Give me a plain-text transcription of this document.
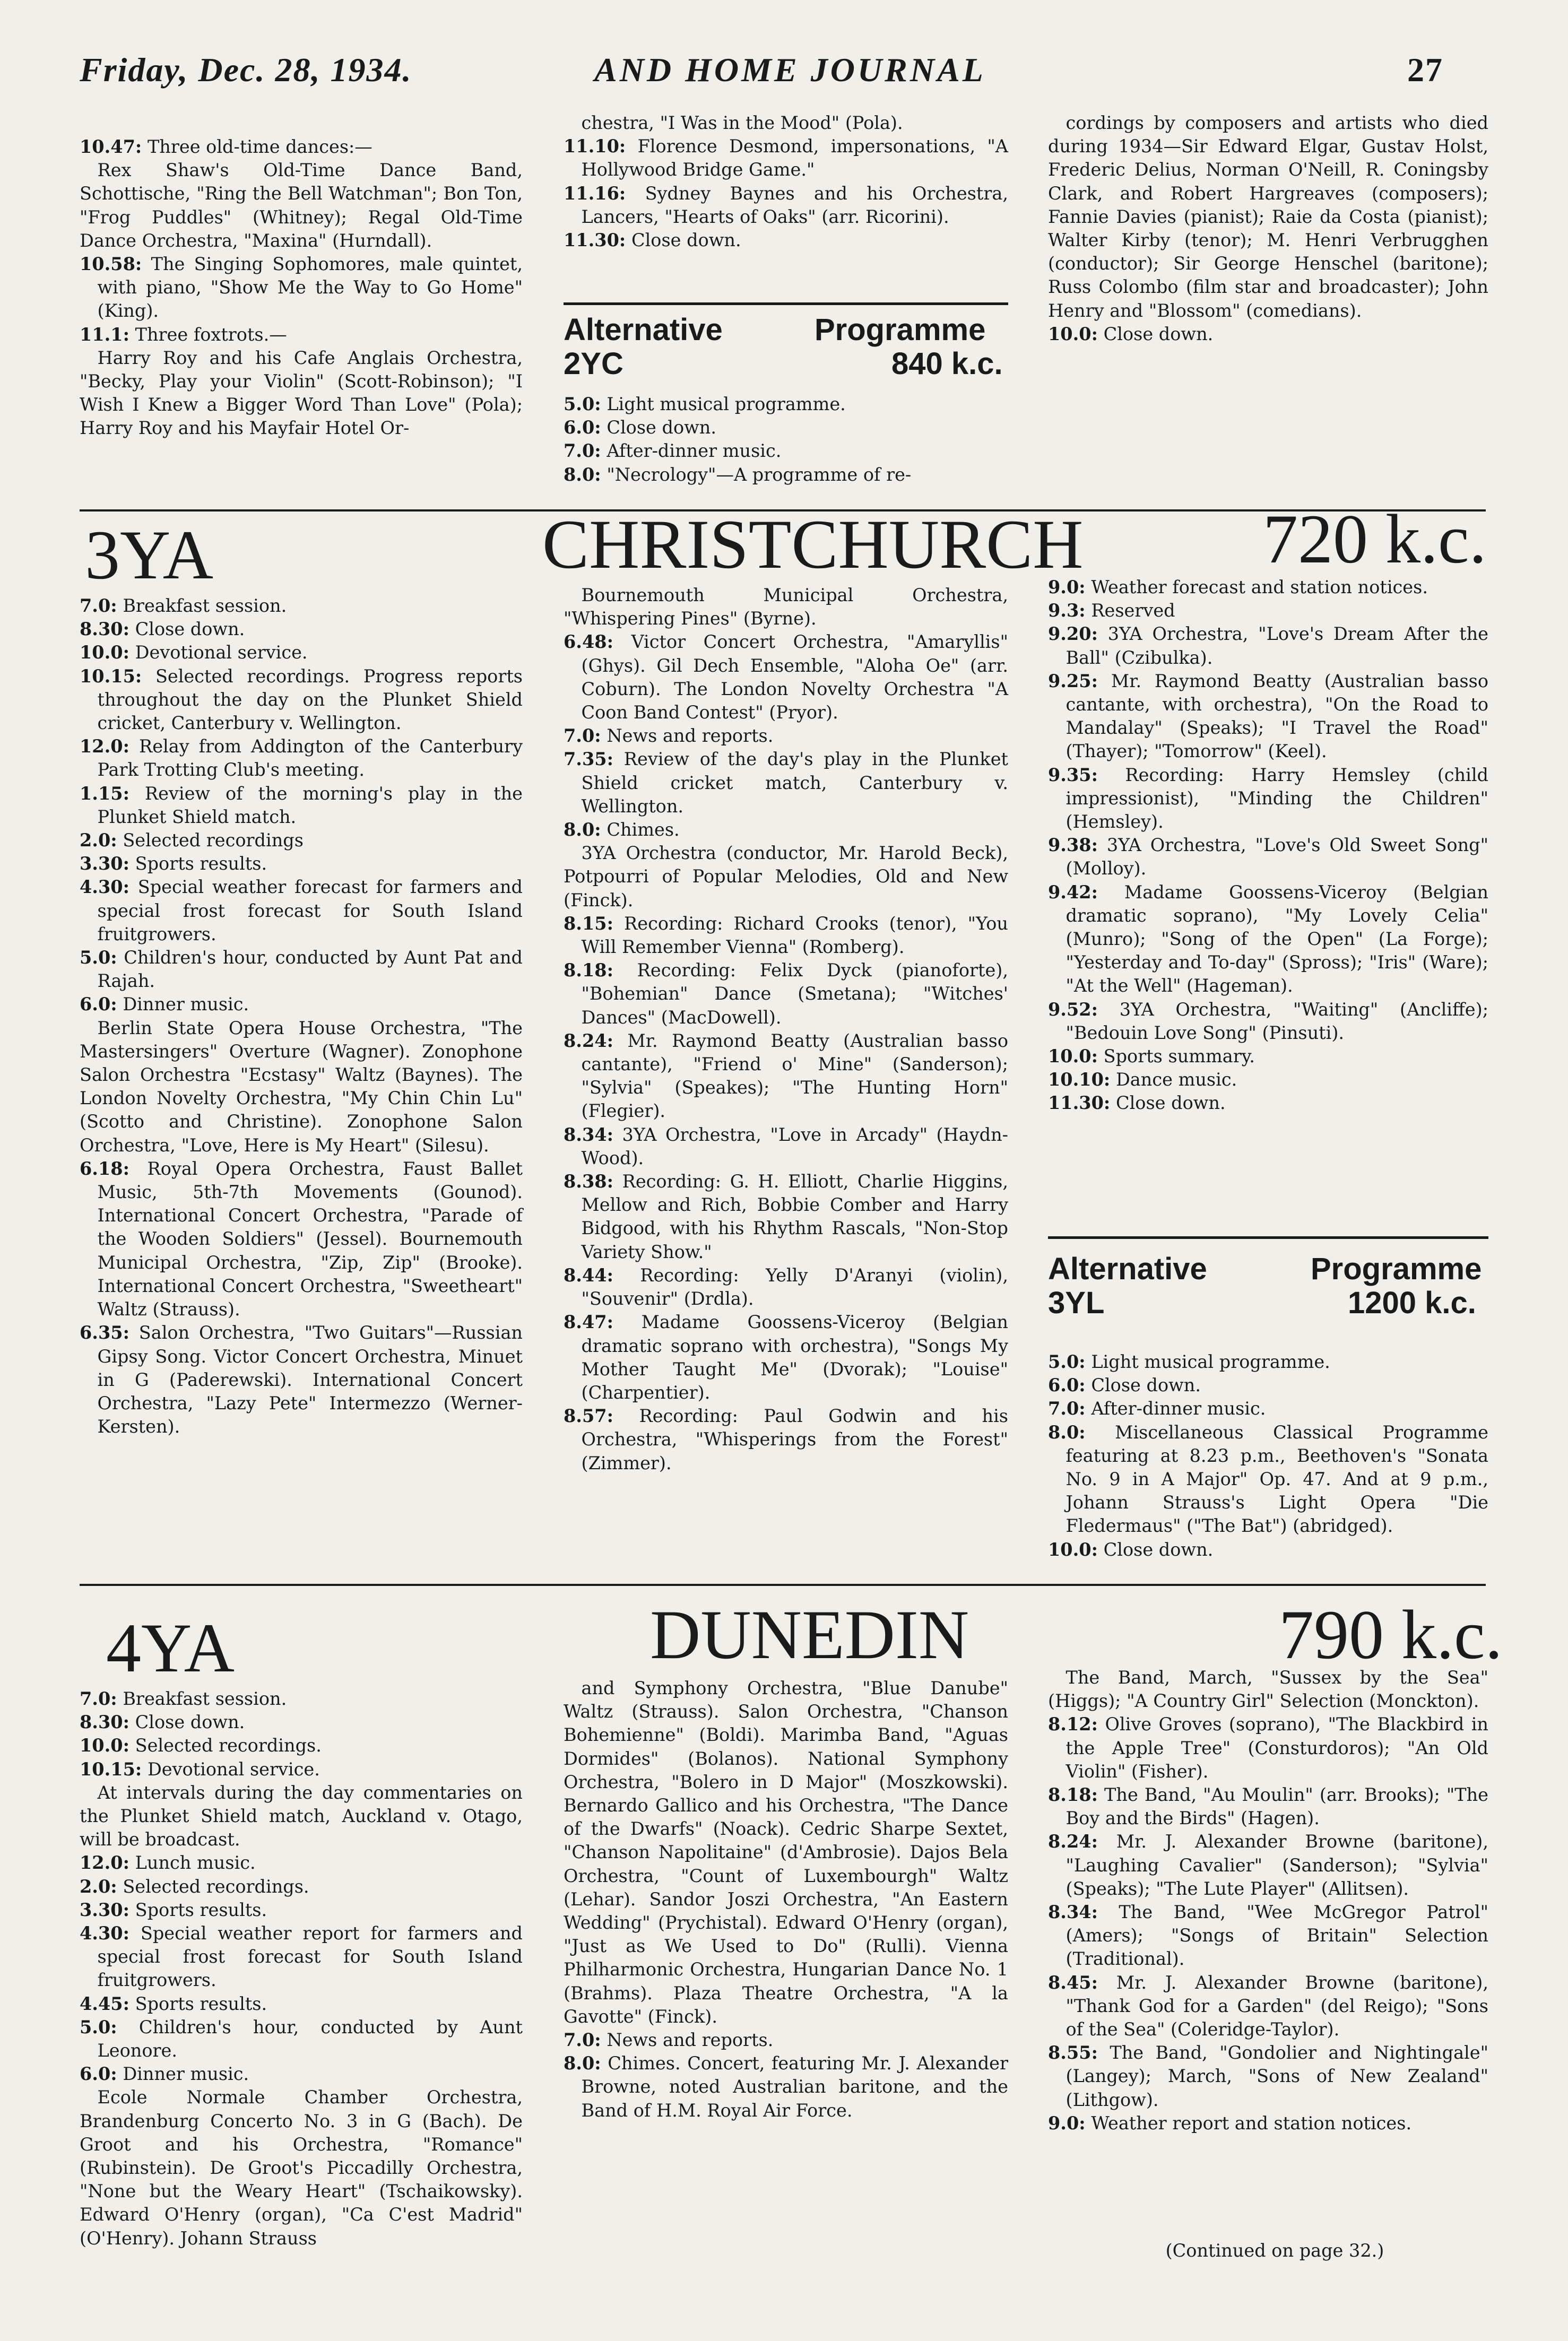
Friday, Dec. 28, 1934.	AND HOME JOURNAL	27

10.47: Three old-time dances:—

Rex Shaw's Old-Time Dance Band, Schottische, "Ring the Bell Watchman"; Bon Ton, "Frog Puddles" (Whitney); Regal Old-Time Dance Orchestra, "Maxina" (Hurndall).

10.58: The Singing Sophomores, male quintet, with piano, "Show Me the Way to Go Home" (King).

11.1: Three foxtrots.—

Harry Roy and his Cafe Anglais Orchestra, "Becky, Play your Violin" (Scott-Robinson); "I Wish I Knew a Bigger Word Than Love" (Pola); Harry Roy and his Mayfair Hotel Or-

chestra, "I Was in the Mood" (Pola).

11.10: Florence Desmond, impersonations, "A Hollywood Bridge Game."

11.16: Sydney Baynes and his Orchestra, Lancers, "Hearts of Oaks" (arr. Ricorini).

11.30: Close down.

Alternative	Programme
2YC	840 k.c.

5.0: Light musical programme.

6.0: Close down.

7.0: After-dinner music.

8.0: "Necrology"—A programme of re-

cordings by composers and artists who died during 1934—Sir Edward Elgar, Gustav Holst, Frederic Delius, Norman O'Neill, R. Coningsby Clark, and Robert Hargreaves (composers); Fannie Davies (pianist); Raie da Costa (pianist); Walter Kirby (tenor); M. Henri Verbrugghen (conductor); Sir George Henschel (baritone); Russ Colombo (film star and broadcaster); John Henry and "Blossom" (comedians).

10.0: Close down.

3YA	CHRISTCHURCH	720 k.c.

7.0: Breakfast session.

8.30: Close down.

10.0: Devotional service.

10.15: Selected recordings. Progress reports throughout the day on the Plunket Shield cricket, Canterbury v. Wellington.

12.0: Relay from Addington of the Canterbury Park Trotting Club's meeting.

1.15: Review of the morning's play in the Plunket Shield match.

2.0: Selected recordings

3.30: Sports results.

4.30: Special weather forecast for farmers and special frost forecast for South Island fruitgrowers.

5.0: Children's hour, conducted by Aunt Pat and Rajah.

6.0: Dinner music.

Berlin State Opera House Orchestra, "The Mastersingers" Overture (Wagner). Zonophone Salon Orchestra "Ecstasy" Waltz (Baynes). The London Novelty Orchestra, "My Chin Chin Lu" (Scotto and Christine). Zonophone Salon Orchestra, "Love, Here is My Heart" (Silesu).

6.18: Royal Opera Orchestra, Faust Ballet Music, 5th-7th Movements (Gounod). International Concert Orchestra, "Parade of the Wooden Soldiers" (Jessel). Bournemouth Municipal Orchestra, "Zip, Zip" (Brooke). International Concert Orchestra, "Sweetheart" Waltz (Strauss).

6.35: Salon Orchestra, "Two Guitars"—Russian Gipsy Song. Victor Concert Orchestra, Minuet in G (Paderewski). International Concert Orchestra, "Lazy Pete" Intermezzo (Werner-Kersten).

Bournemouth Municipal Orchestra, "Whispering Pines" (Byrne).

6.48: Victor Concert Orchestra, "Amaryllis" (Ghys). Gil Dech Ensemble, "Aloha Oe" (arr. Coburn). The London Novelty Orchestra "A Coon Band Contest" (Pryor).

7.0: News and reports.

7.35: Review of the day's play in the Plunket Shield cricket match, Canterbury v. Wellington.

8.0: Chimes.

3YA Orchestra (conductor, Mr. Harold Beck), Potpourri of Popular Melodies, Old and New (Finck).

8.15: Recording: Richard Crooks (tenor), "You Will Remember Vienna" (Romberg).

8.18: Recording: Felix Dyck (pianoforte), "Bohemian" Dance (Smetana); "Witches' Dances" (MacDowell).

8.24: Mr. Raymond Beatty (Australian basso cantante), "Friend o' Mine" (Sanderson); "Sylvia" (Speakes); "The Hunting Horn" (Flegier).

8.34: 3YA Orchestra, "Love in Arcady" (Haydn-Wood).

8.38: Recording: G. H. Elliott, Charlie Higgins, Mellow and Rich, Bobbie Comber and Harry Bidgood, with his Rhythm Rascals, "Non-Stop Variety Show."

8.44: Recording: Yelly D'Aranyi (violin), "Souvenir" (Drdla).

8.47: Madame Goossens-Viceroy (Belgian dramatic soprano with orchestra), "Songs My Mother Taught Me" (Dvorak); "Louise" (Charpentier).

8.57: Recording: Paul Godwin and his Orchestra, "Whisperings from the Forest" (Zimmer).

9.0: Weather forecast and station notices.

9.3: Reserved

9.20: 3YA Orchestra, "Love's Dream After the Ball" (Czibulka).

9.25: Mr. Raymond Beatty (Australian basso cantante, with orchestra), "On the Road to Mandalay" (Speaks); "I Travel the Road" (Thayer); "Tomorrow" (Keel).

9.35: Recording: Harry Hemsley (child impressionist), "Minding the Children" (Hemsley).

9.38: 3YA Orchestra, "Love's Old Sweet Song" (Molloy).

9.42: Madame Goossens-Viceroy (Belgian dramatic soprano), "My Lovely Celia" (Munro); "Song of the Open" (La Forge); "Yesterday and To-day" (Spross); "Iris" (Ware); "At the Well" (Hageman).

9.52: 3YA Orchestra, "Waiting" (Ancliffe); "Bedouin Love Song" (Pinsuti).

10.0: Sports summary.

10.10: Dance music.

11.30: Close down.

Alternative	Programme
3YL	1200 k.c.

5.0: Light musical programme.

6.0: Close down.

7.0: After-dinner music.

8.0: Miscellaneous Classical Programme featuring at 8.23 p.m., Beethoven's "Sonata No. 9 in A Major" Op. 47. And at 9 p.m., Johann Strauss's Light Opera "Die Fledermaus" ("The Bat") (abridged).

10.0: Close down.

4YA	DUNEDIN	790 k.c.

7.0: Breakfast session.

8.30: Close down.

10.0: Selected recordings.

10.15: Devotional service.

At intervals during the day commentaries on the Plunket Shield match, Auckland v. Otago, will be broadcast.

12.0: Lunch music.

2.0: Selected recordings.

3.30: Sports results.

4.30: Special weather report for farmers and special frost forecast for South Island fruitgrowers.

4.45: Sports results.

5.0: Children's hour, conducted by Aunt Leonore.

6.0: Dinner music.

Ecole Normale Chamber Orchestra, Brandenburg Concerto No. 3 in G (Bach). De Groot and his Orchestra, "Romance" (Rubinstein). De Groot's Piccadilly Orchestra, "None but the Weary Heart" (Tschaikowsky). Edward O'Henry (organ), "Ca C'est Madrid" (O'Henry). Johann Strauss

and Symphony Orchestra, "Blue Danube" Waltz (Strauss). Salon Orchestra, "Chanson Bohemienne" (Boldi). Marimba Band, "Aguas Dormides" (Bolanos). National Symphony Orchestra, "Bolero in D Major" (Moszkowski). Bernardo Gallico and his Orchestra, "The Dance of the Dwarfs" (Noack). Cedric Sharpe Sextet, "Chanson Napolitaine" (d'Ambrosie). Dajos Bela Orchestra, "Count of Luxembourgh" Waltz (Lehar). Sandor Joszi Orchestra, "An Eastern Wedding" (Prychistal). Edward O'Henry (organ), "Just as We Used to Do" (Rulli). Vienna Philharmonic Orchestra, Hungarian Dance No. 1 (Brahms). Plaza Theatre Orchestra, "A la Gavotte" (Finck).

7.0: News and reports.

8.0: Chimes. Concert, featuring Mr. J. Alexander Browne, noted Australian baritone, and the Band of H.M. Royal Air Force.

The Band, March, "Sussex by the Sea" (Higgs); "A Country Girl" Selection (Monckton).

8.12: Olive Groves (soprano), "The Blackbird in the Apple Tree" (Consturdoros); "An Old Violin" (Fisher).

8.18: The Band, "Au Moulin" (arr. Brooks); "The Boy and the Birds" (Hagen).

8.24: Mr. J. Alexander Browne (baritone), "Laughing Cavalier" (Sanderson); "Sylvia" (Speaks); "The Lute Player" (Allitsen).

8.34: The Band, "Wee McGregor Patrol" (Amers); "Songs of Britain" Selection (Traditional).

8.45: Mr. J. Alexander Browne (baritone), "Thank God for a Garden" (del Reigo); "Sons of the Sea" (Coleridge-Taylor).

8.55: The Band, "Gondolier and Nightingale" (Langey); March, "Sons of New Zealand" (Lithgow).

9.0: Weather report and station notices.

(Continued on page 32.)
